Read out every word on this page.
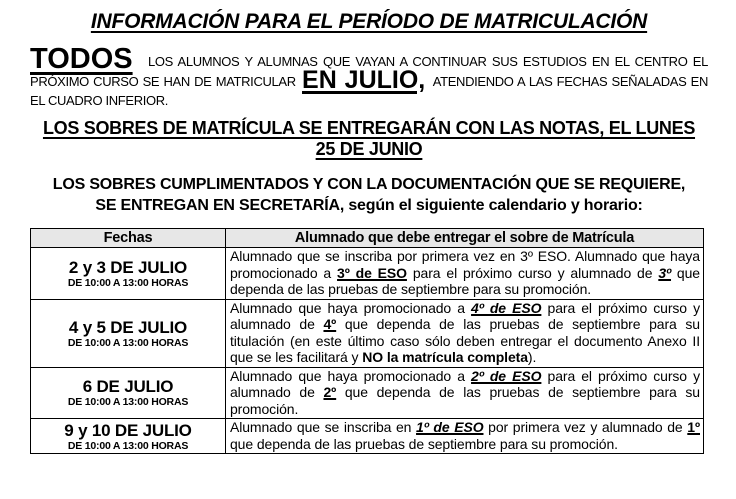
INFORMACIÓN PARA EL PERÍODO DE MATRICULACIÓN

TODOS LOS ALUMNOS Y ALUMNAS QUE VAYAN A CONTINUAR SUS ESTUDIOS EN EL CENTRO EL PRÓXIMO CURSO SE HAN DE MATRICULAR EN JULIO, ATENDIENDO A LAS FECHAS SEÑALADAS EN EL CUADRO INFERIOR.

LOS SOBRES DE MATRÍCULA SE ENTREGARÁN CON LAS NOTAS, EL LUNES 25 DE JUNIO

LOS SOBRES CUMPLIMENTADOS Y CON LA DOCUMENTACIÓN QUE SE REQUIERE, SE ENTREGAN EN SECRETARÍA, según el siguiente calendario y horario:

Fechas	Alumnado que debe entregar el sobre de Matrícula

2 y 3 DE JULIO
DE 10:00 A 13:00 HORAS	Alumnado que se inscriba por primera vez en 3º ESO. Alumnado que haya promocionado a 3º de ESO para el próximo curso y alumnado de 3º que dependa de las pruebas de septiembre para su promoción.

4 y 5 DE JULIO
DE 10:00 A 13:00 HORAS	Alumnado que haya promocionado a 4º de ESO para el próximo curso y alumnado de 4º que dependa de las pruebas de septiembre para su titulación (en este último caso sólo deben entregar el documento Anexo II que se les facilitará y NO la matrícula completa).

6 DE JULIO
DE 10:00 A 13:00 HORAS	Alumnado que haya promocionado a 2º de ESO para el próximo curso y alumnado de 2º que dependa de las pruebas de septiembre para su promoción.

9 y 10 DE JULIO
DE 10:00 A 13:00 HORAS	Alumnado que se inscriba en 1º de ESO por primera vez y alumnado de 1º que dependa de las pruebas de septiembre para su promoción.
